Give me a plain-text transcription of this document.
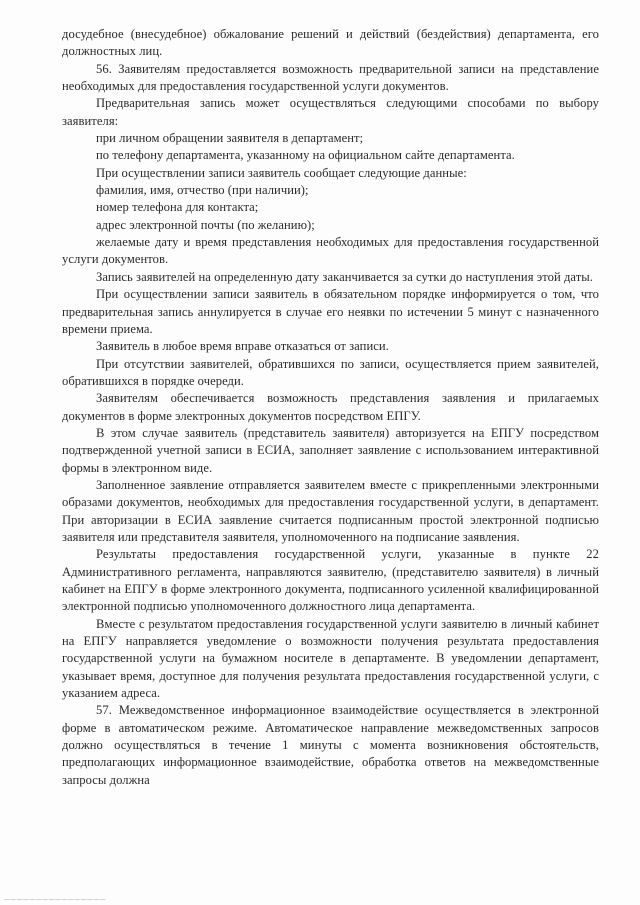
досудебное (внесудебное) обжалование решений и действий (бездействия) департамента, его должностных лиц.

56. Заявителям предоставляется возможность предварительной записи на представление необходимых для предоставления государственной услуги документов.

Предварительная запись может осуществляться следующими способами по выбору заявителя:

при личном обращении заявителя в департамент;

по телефону департамента, указанному на официальном сайте департамента.

При осуществлении записи заявитель сообщает следующие данные:

фамилия, имя, отчество (при наличии);

номер телефона для контакта;

адрес электронной почты (по желанию);

желаемые дату и время представления необходимых для предоставления государственной услуги документов.

Запись заявителей на определенную дату заканчивается за сутки до наступления этой даты.

При осуществлении записи заявитель в обязательном порядке информируется о том, что предварительная запись аннулируется в случае его неявки по истечении 5 минут с назначенного времени приема.

Заявитель в любое время вправе отказаться от записи.

При отсутствии заявителей, обратившихся по записи, осуществляется прием заявителей, обратившихся в порядке очереди.

Заявителям обеспечивается возможность представления заявления и прилагаемых документов в форме электронных документов посредством ЕПГУ.

В этом случае заявитель (представитель заявителя) авторизуется на ЕПГУ посредством подтвержденной учетной записи в ЕСИА, заполняет заявление с использованием интерактивной формы в электронном виде.

Заполненное заявление отправляется заявителем вместе с прикрепленными электронными образами документов, необходимых для предоставления государственной услуги, в департамент. При авторизации в ЕСИА заявление считается подписанным простой электронной подписью заявителя или представителя заявителя, уполномоченного на подписание заявления.

Результаты предоставления государственной услуги, указанные в пункте 22 Административного регламента, направляются заявителю, (представителю заявителя) в личный кабинет на ЕПГУ в форме электронного документа, подписанного усиленной квалифицированной электронной подписью уполномоченного должностного лица департамента.

Вместе с результатом предоставления государственной услуги заявителю в личный кабинет на ЕПГУ направляется уведомление о возможности получения результата предоставления государственной услуги на бумажном носителе в департаменте. В уведомлении департамент, указывает время, доступное для получения результата предоставления государственной услуги, с указанием адреса.

57. Межведомственное информационное взаимодействие осуществляется в электронной форме в автоматическом режиме. Автоматическое направление межведомственных запросов должно осуществляться в течение 1 минуты с момента возникновения обстоятельств, предполагающих информационное взаимодействие, обработка ответов на межведомственные запросы должна

________________
